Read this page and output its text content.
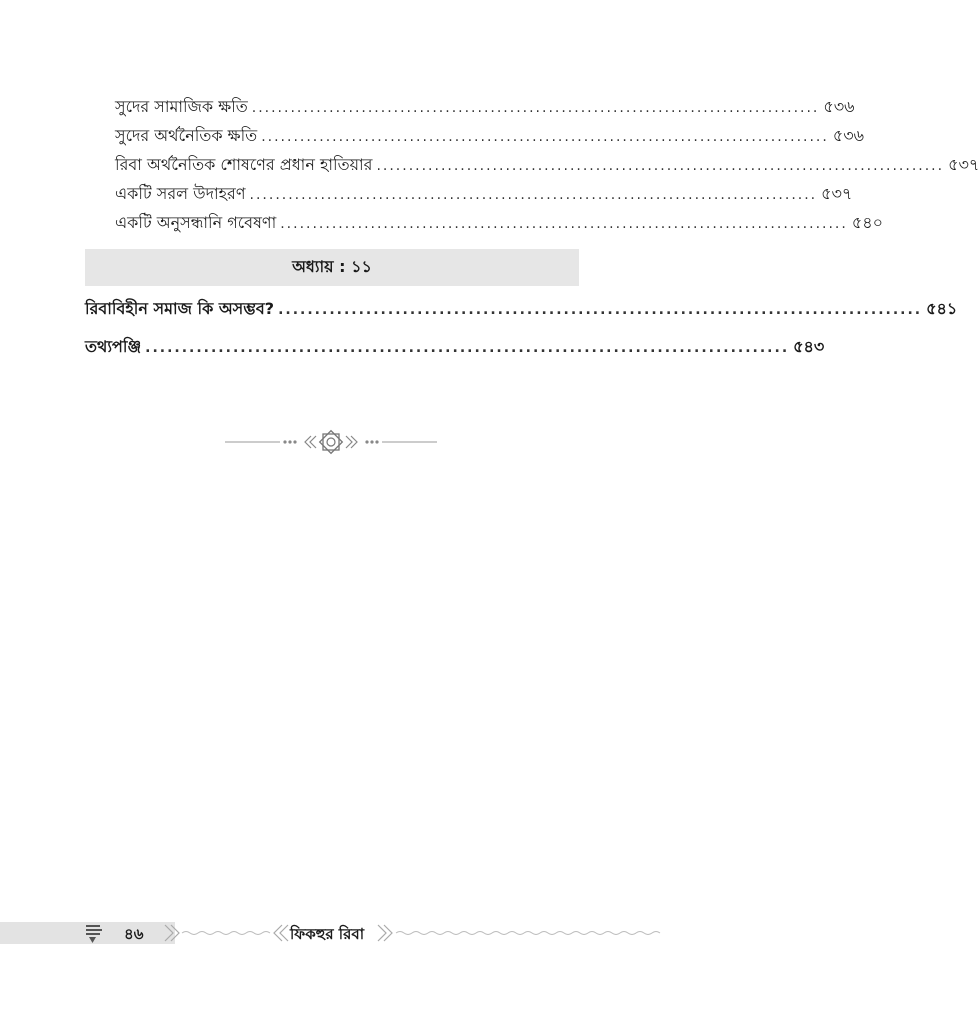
সুদের সামাজিক ক্ষতি ........................................................................................ ৫৩৬
সুদের অর্থনৈতিক ক্ষতি ........................................................................................ ৫৩৬
রিবা অর্থনৈতিক শোষণের প্রধান হাতিয়ার ........................................................................................ ৫৩৭
একটি সরল উদাহরণ ........................................................................................ ৫৩৭
একটি অনুসন্ধানি গবেষণা ........................................................................................ ৫৪০
অধ্যায় : ১১
রিবাবিহীন সমাজ কি অসম্ভব? ........................................................................................ ৫৪১
তথ্যপঞ্জি ........................................................................................ ৫৪৩
৪৬	ফিকহুর রিবা
